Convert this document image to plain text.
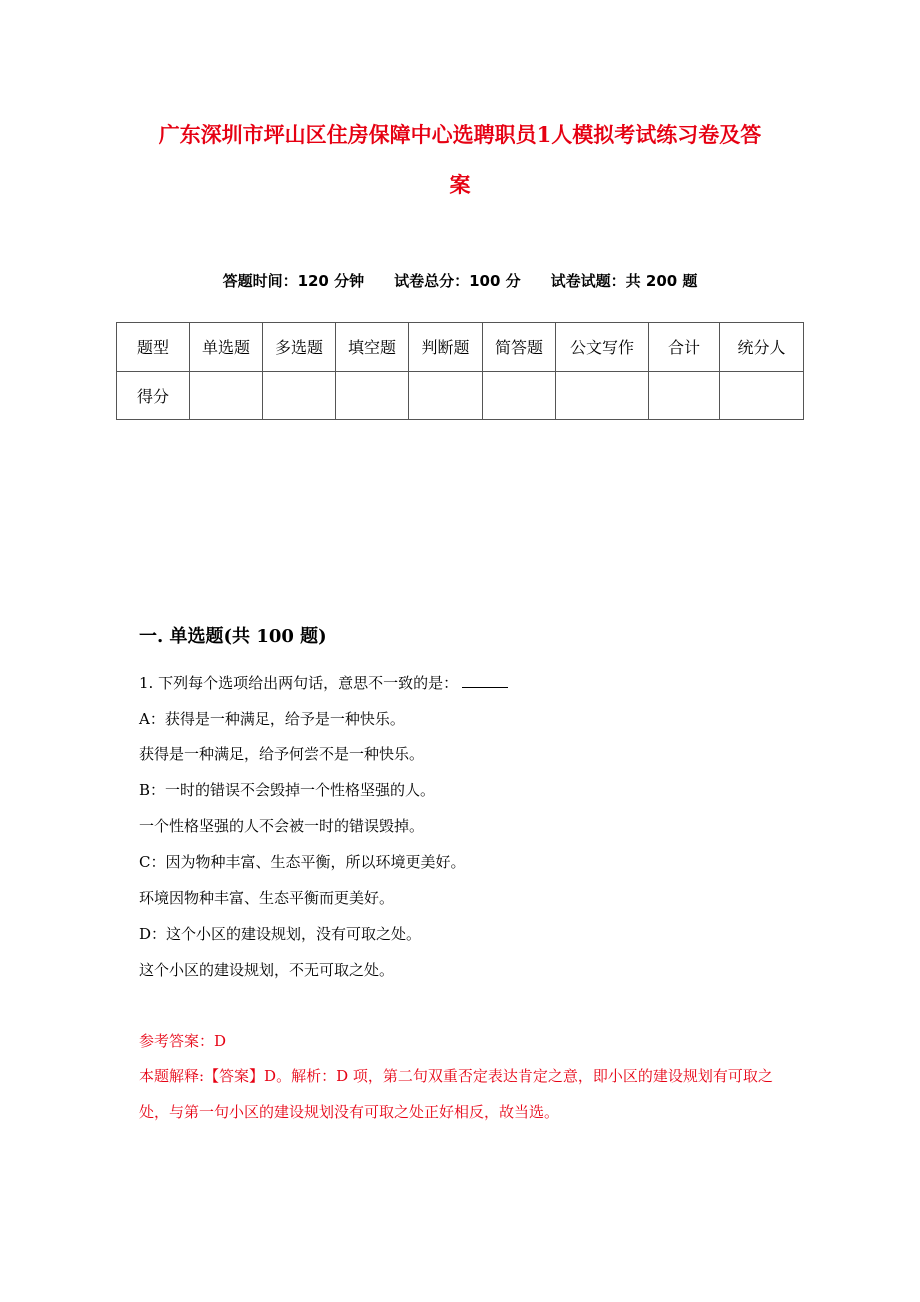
广东深圳市坪山区住房保障中心选聘职员1人模拟考试练习卷及答
案
答题时间：120 分钟 试卷总分：100 分 试卷试题：共 200 题
题型	单选题	多选题	填空题	判断题	简答题	公文写作	合计	统分人
得分								
一. 单选题(共 100 题)
1. 下列每个选项给出两句话，意思不一致的是：
A：获得是一种满足，给予是一种快乐。
获得是一种满足，给予何尝不是一种快乐。
B：一时的错误不会毁掉一个性格坚强的人。
一个性格坚强的人不会被一时的错误毁掉。
C：因为物种丰富、生态平衡，所以环境更美好。
环境因物种丰富、生态平衡而更美好。
D：这个小区的建设规划，没有可取之处。
这个小区的建设规划，不无可取之处。
参考答案：D
本题解释:【答案】D。解析：D 项，第二句双重否定表达肯定之意，即小区的建设规划有可取之处，与第一句小区的建设规划没有可取之处正好相反，故当选。
